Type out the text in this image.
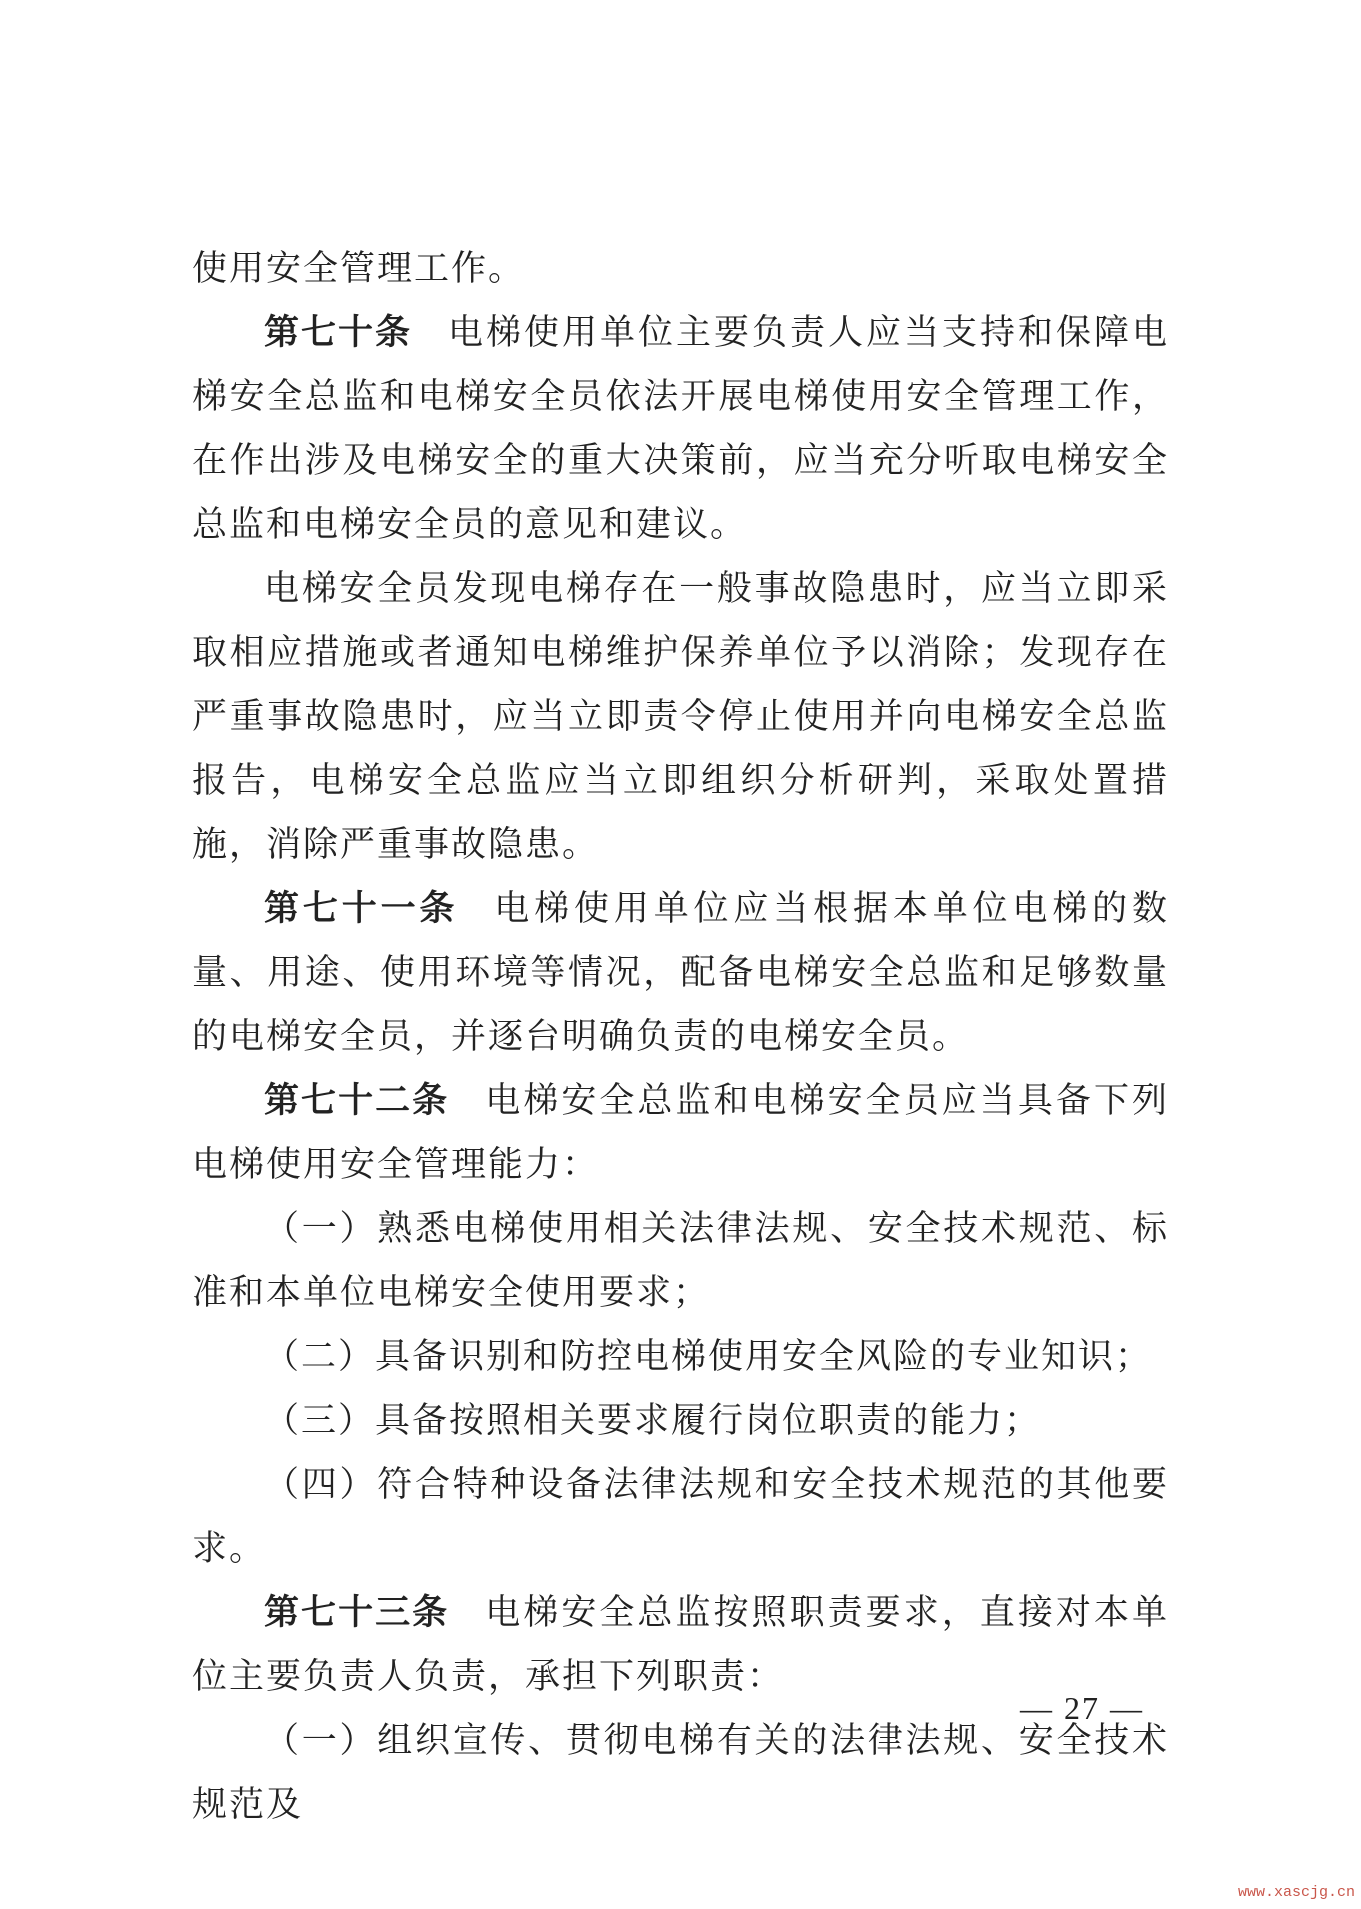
使用安全管理工作。

第七十条 电梯使用单位主要负责人应当支持和保障电梯安全总监和电梯安全员依法开展电梯使用安全管理工作，在作出涉及电梯安全的重大决策前，应当充分听取电梯安全总监和电梯安全员的意见和建议。

电梯安全员发现电梯存在一般事故隐患时，应当立即采取相应措施或者通知电梯维护保养单位予以消除；发现存在严重事故隐患时，应当立即责令停止使用并向电梯安全总监报告，电梯安全总监应当立即组织分析研判，采取处置措施，消除严重事故隐患。

第七十一条 电梯使用单位应当根据本单位电梯的数量、用途、使用环境等情况，配备电梯安全总监和足够数量的电梯安全员，并逐台明确负责的电梯安全员。

第七十二条 电梯安全总监和电梯安全员应当具备下列电梯使用安全管理能力：

（一）熟悉电梯使用相关法律法规、安全技术规范、标准和本单位电梯安全使用要求；

（二）具备识别和防控电梯使用安全风险的专业知识；

（三）具备按照相关要求履行岗位职责的能力；

（四）符合特种设备法律法规和安全技术规范的其他要求。

第七十三条 电梯安全总监按照职责要求，直接对本单位主要负责人负责，承担下列职责：

（一）组织宣传、贯彻电梯有关的法律法规、安全技术规范及

— 27 —
www.xascjg.cn
